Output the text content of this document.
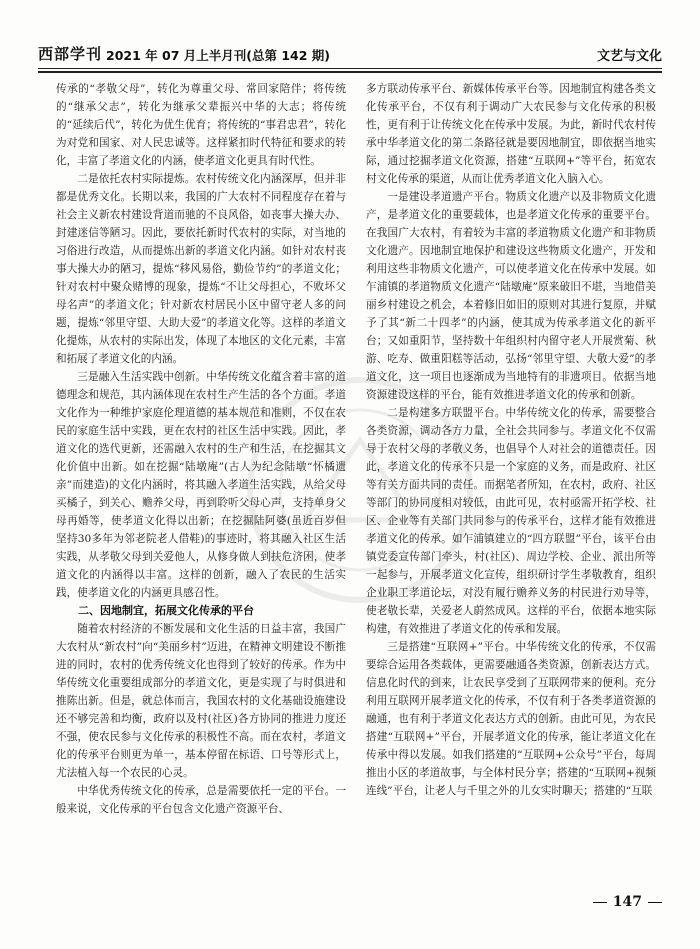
西部学刊 2021 年 07 月上半月刊(总第 142 期)	文艺与文化

传承的“孝敬父母”，转化为尊重父母、常回家陪伴；将传统的“继承父志”，转化为继承父辈振兴中华的大志；将传统的“延续后代”，转化为优生优育；将传统的“事君忠君”，转化为对党和国家、对人民忠诚等。这样紧扣时代特征和要求的转化，丰富了孝道文化的内涵，使孝道文化更具有时代性。

二是依托农村实际提炼。农村传统文化内涵深厚，但并非都是优秀文化。长期以来，我国的广大农村不同程度存在着与社会主义新农村建设背道而驰的不良风俗，如丧事大操大办、封建迷信等陋习。因此，要依托新时代农村的实际，对当地的习俗进行改造，从而提炼出新的孝道文化内涵。如针对农村丧事大操大办的陋习，提炼“移风易俗，勤俭节约”的孝道文化；针对农村中聚众赌博的现象，提炼“不让父母担心，不败坏父母名声”的孝道文化；针对新农村居民小区中留守老人多的问题，提炼“邻里守望、大助大爱”的孝道文化等。这样的孝道文化提炼，从农村的实际出发，体现了本地区的文化元素，丰富和拓展了孝道文化的内涵。

三是融入生活实践中创新。中华传统文化蕴含着丰富的道德理念和规范，其内涵体现在农村生产生活的各个方面。孝道文化作为一种维护家庭伦理道德的基本规范和准则，不仅在农民的家庭生活中实践，更在农村的社区生活中实践。因此，孝道文化的选代更新，还需融入农村的生产和生活，在挖掘其文化价值中出新。如在挖掘“陆墩庵”(古人为纪念陆墩“怀橘遗亲”而建造)的文化内涵时，将其融入孝道生活实践，从给父母买橘子，到关心、赡养父母，再到聆听父母心声，支持单身父母再婚等，使孝道文化得以出新；在挖掘陆阿婆(虽近百岁但坚持30多年为邻老院老人借鞋)的事迹时，将其融入社区生活实践，从孝敬父母到关爱他人，从修身做人到扶危济困，使孝道文化的内涵得以丰富。这样的创新，融入了农民的生活实践，使孝道文化的内涵更具感召性。

二、因地制宜，拓展文化传承的平台

随着农村经济的不断发展和文化生活的日益丰富，我国广大农村从“新农村”向“美丽乡村”迈进，在精神文明建设不断推进的同时，农村的优秀传统文化也得到了较好的传承。作为中华传统文化重要组成部分的孝道文化，更是实现了与时俱进和推陈出新。但是，就总体而言，我国农村的文化基础设施建设还不够完善和均衡，政府以及村(社区)各方协同的推进力度还不强，使农民参与文化传承的积极性不高。而在农村，孝道文化的传承平台则更为单一，基本停留在标语、口号等形式上，尤法植入每一个农民的心灵。

中华优秀传统文化的传承，总是需要依托一定的平台。一般来说，文化传承的平台包含文化遗产资源平台、

多方联动传承平台、新媒体传承平台等。因地制宜构建各类文化传承平台，不仅有利于调动广大农民参与文化传承的积极性，更有利于让传统文化在传承中发展。为此，新时代农村传承中华孝道文化的第二条路径就是要因地制宜，即依据当地实际，通过挖掘孝道文化资源，搭建“互联网+”等平台，拓宽农村文化传承的渠道，从而让优秀孝道文化入脑入心。

一是建设孝道遗产平台。物质文化遗产以及非物质文化遗产，是孝道文化的重要载体，也是孝道文化传承的重要平台。在我国广大农村，有着较为丰富的孝道物质文化遗产和非物质文化遗产。因地制宜地保护和建设这些物质文化遗产，开发和利用这些非物质文化遗产，可以使孝道文化在传承中发展。如乍浦镇的孝道物质文化遗产“陆墩庵”原来破旧不堪，当地借美丽乡村建设之机会，本着修旧如旧的原则对其进行复原，并赋予了其“新二十四孝”的内涵，使其成为传承孝道文化的新平台；又如重阳节，坚持数十年组织村内留守老人开展赏菊、秋游、吃寿、做重阳糕等活动，弘扬“邻里守望、大敬大爱”的孝道文化，这一项目也逐渐成为当地特有的非遗项目。依据当地资源建设这样的平台，能有效推进孝道文化的传承和创新。

二是构建多方联盟平台。中华传统文化的传承，需要整合各类资源，调动各方力量，全社会共同参与。孝道文化不仅需导于农村父母的孝敬义务，也倡导个人对社会的道德责任。因此，孝道文化的传承不只是一个家庭的义务，而是政府、社区等有关方面共同的责任。而据笔者所知，在农村，政府、社区等部门的协同度相对较低，由此可见，农村亟需开拓学校、社区、企业等有关部门共同参与的传承平台，这样才能有效推进孝道文化的传承。如乍浦镇建立的“四方联盟”平台，该平台由镇党委宣传部门牵头，村(社区)、周边学校、企业、派出所等一起参与，开展孝道文化宣传，组织研讨学生孝敬教育，组织企业职工孝道论坛，对没有履行赡养义务的村民进行劝导等，使老敬长辈，关爱老人蔚然成风。这样的平台，依据本地实际构建，有效推进了孝道文化的传承和发展。

三是搭建“互联网+”平台。中华传统文化的传承，不仅需要综合运用各类载体，更需要融通各类资源，创新表达方式。信息化时代的到来，让农民享受到了互联网带来的便利。充分利用互联网开展孝道文化的传承，不仅有利于各类孝道资源的融通，也有利于孝道文化表达方式的创新。由此可见，为农民搭建“互联网+”平台，开展孝道文化的传承，能让孝道文化在传承中得以发展。如我们搭建的“互联网+公众号”平台，每周推出小区的孝道故事，与全体村民分享；搭建的“互联网+视频连线”平台，让老人与千里之外的儿女实时聊天；搭建的“互联

147
